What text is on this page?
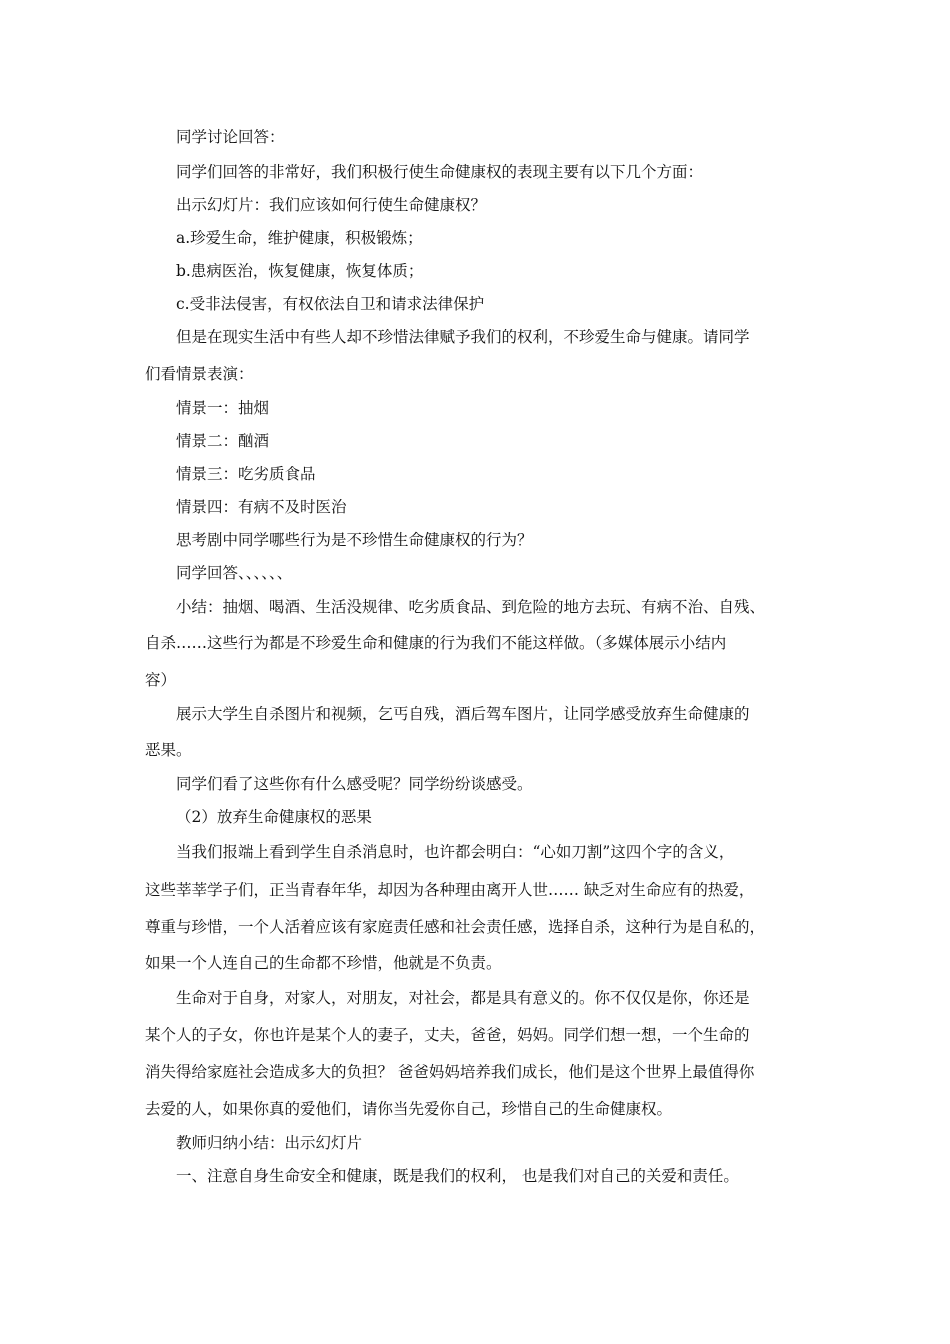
同学讨论回答：
同学们回答的非常好，我们积极行使生命健康权的表现主要有以下几个方面：
出示幻灯片：我们应该如何行使生命健康权？
a.珍爱生命，维护健康，积极锻炼；
b.患病医治，恢复健康，恢复体质；
c.受非法侵害，有权依法自卫和请求法律保护
但是在现实生活中有些人却不珍惜法律赋予我们的权利，不珍爱生命与健康。请同学
们看情景表演：
情景一：抽烟
情景二：酗酒
情景三：吃劣质食品
情景四：有病不及时医治
思考剧中同学哪些行为是不珍惜生命健康权的行为？
同学回答、、、、、、
小结：抽烟、喝酒、生活没规律、吃劣质食品、到危险的地方去玩、有病不治、自残、
自杀……这些行为都是不珍爱生命和健康的行为我们不能这样做。（多媒体展示小结内
容）
展示大学生自杀图片和视频，乞丐自残，酒后驾车图片，让同学感受放弃生命健康的
恶果。
同学们看了这些你有什么感受呢？同学纷纷谈感受。
（2）放弃生命健康权的恶果
当我们报端上看到学生自杀消息时，也许都会明白：“心如刀割”这四个字的含义，
这些莘莘学子们，正当青春年华，却因为各种理由离开人世…… 缺乏对生命应有的热爱，
尊重与珍惜，一个人活着应该有家庭责任感和社会责任感，选择自杀，这种行为是自私的，
如果一个人连自己的生命都不珍惜，他就是不负责。
生命对于自身，对家人，对朋友，对社会，都是具有意义的。你不仅仅是你，你还是
某个人的子女，你也许是某个人的妻子，丈夫，爸爸，妈妈。同学们想一想，一个生命的
消失得给家庭社会造成多大的负担？ 爸爸妈妈培养我们成长，他们是这个世界上最值得你
去爱的人，如果你真的爱他们，请你当先爱你自己，珍惜自己的生命健康权。
教师归纳小结：出示幻灯片
一、注意自身生命安全和健康，既是我们的权利， 也是我们对自己的关爱和责任。
